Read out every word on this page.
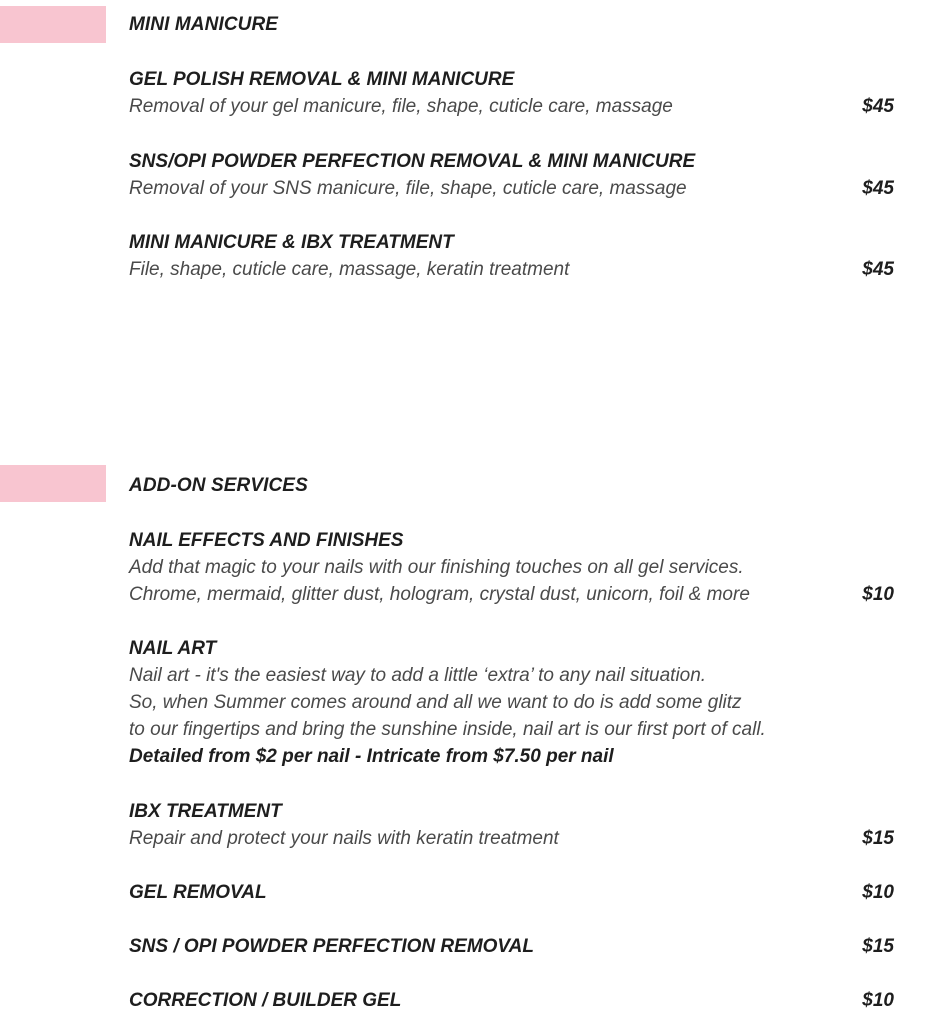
MINI MANICURE
GEL POLISH REMOVAL & MINI MANICURE
Removal of your gel manicure, file, shape, cuticle care, massage	$45
SNS/OPI POWDER PERFECTION REMOVAL & MINI MANICURE
Removal of your SNS manicure, file, shape, cuticle care, massage	$45
MINI MANICURE & IBX TREATMENT
File, shape, cuticle care, massage, keratin treatment	$45
ADD-ON SERVICES
NAIL EFFECTS AND FINISHES
Add that magic to your nails with our finishing touches on all gel services.
Chrome, mermaid, glitter dust, hologram, crystal dust, unicorn, foil & more	$10
NAIL ART
Nail art - it's the easiest way to add a little ‘extra’ to any nail situation.
So, when Summer comes around and all we want to do is add some glitz
to our fingertips and bring the sunshine inside, nail art is our first port of call.
Detailed from $2 per nail - Intricate from $7.50 per nail
IBX TREATMENT
Repair and protect your nails with keratin treatment	$15
GEL REMOVAL	$10
SNS / OPI POWDER PERFECTION REMOVAL	$15
CORRECTION / BUILDER GEL	$10
